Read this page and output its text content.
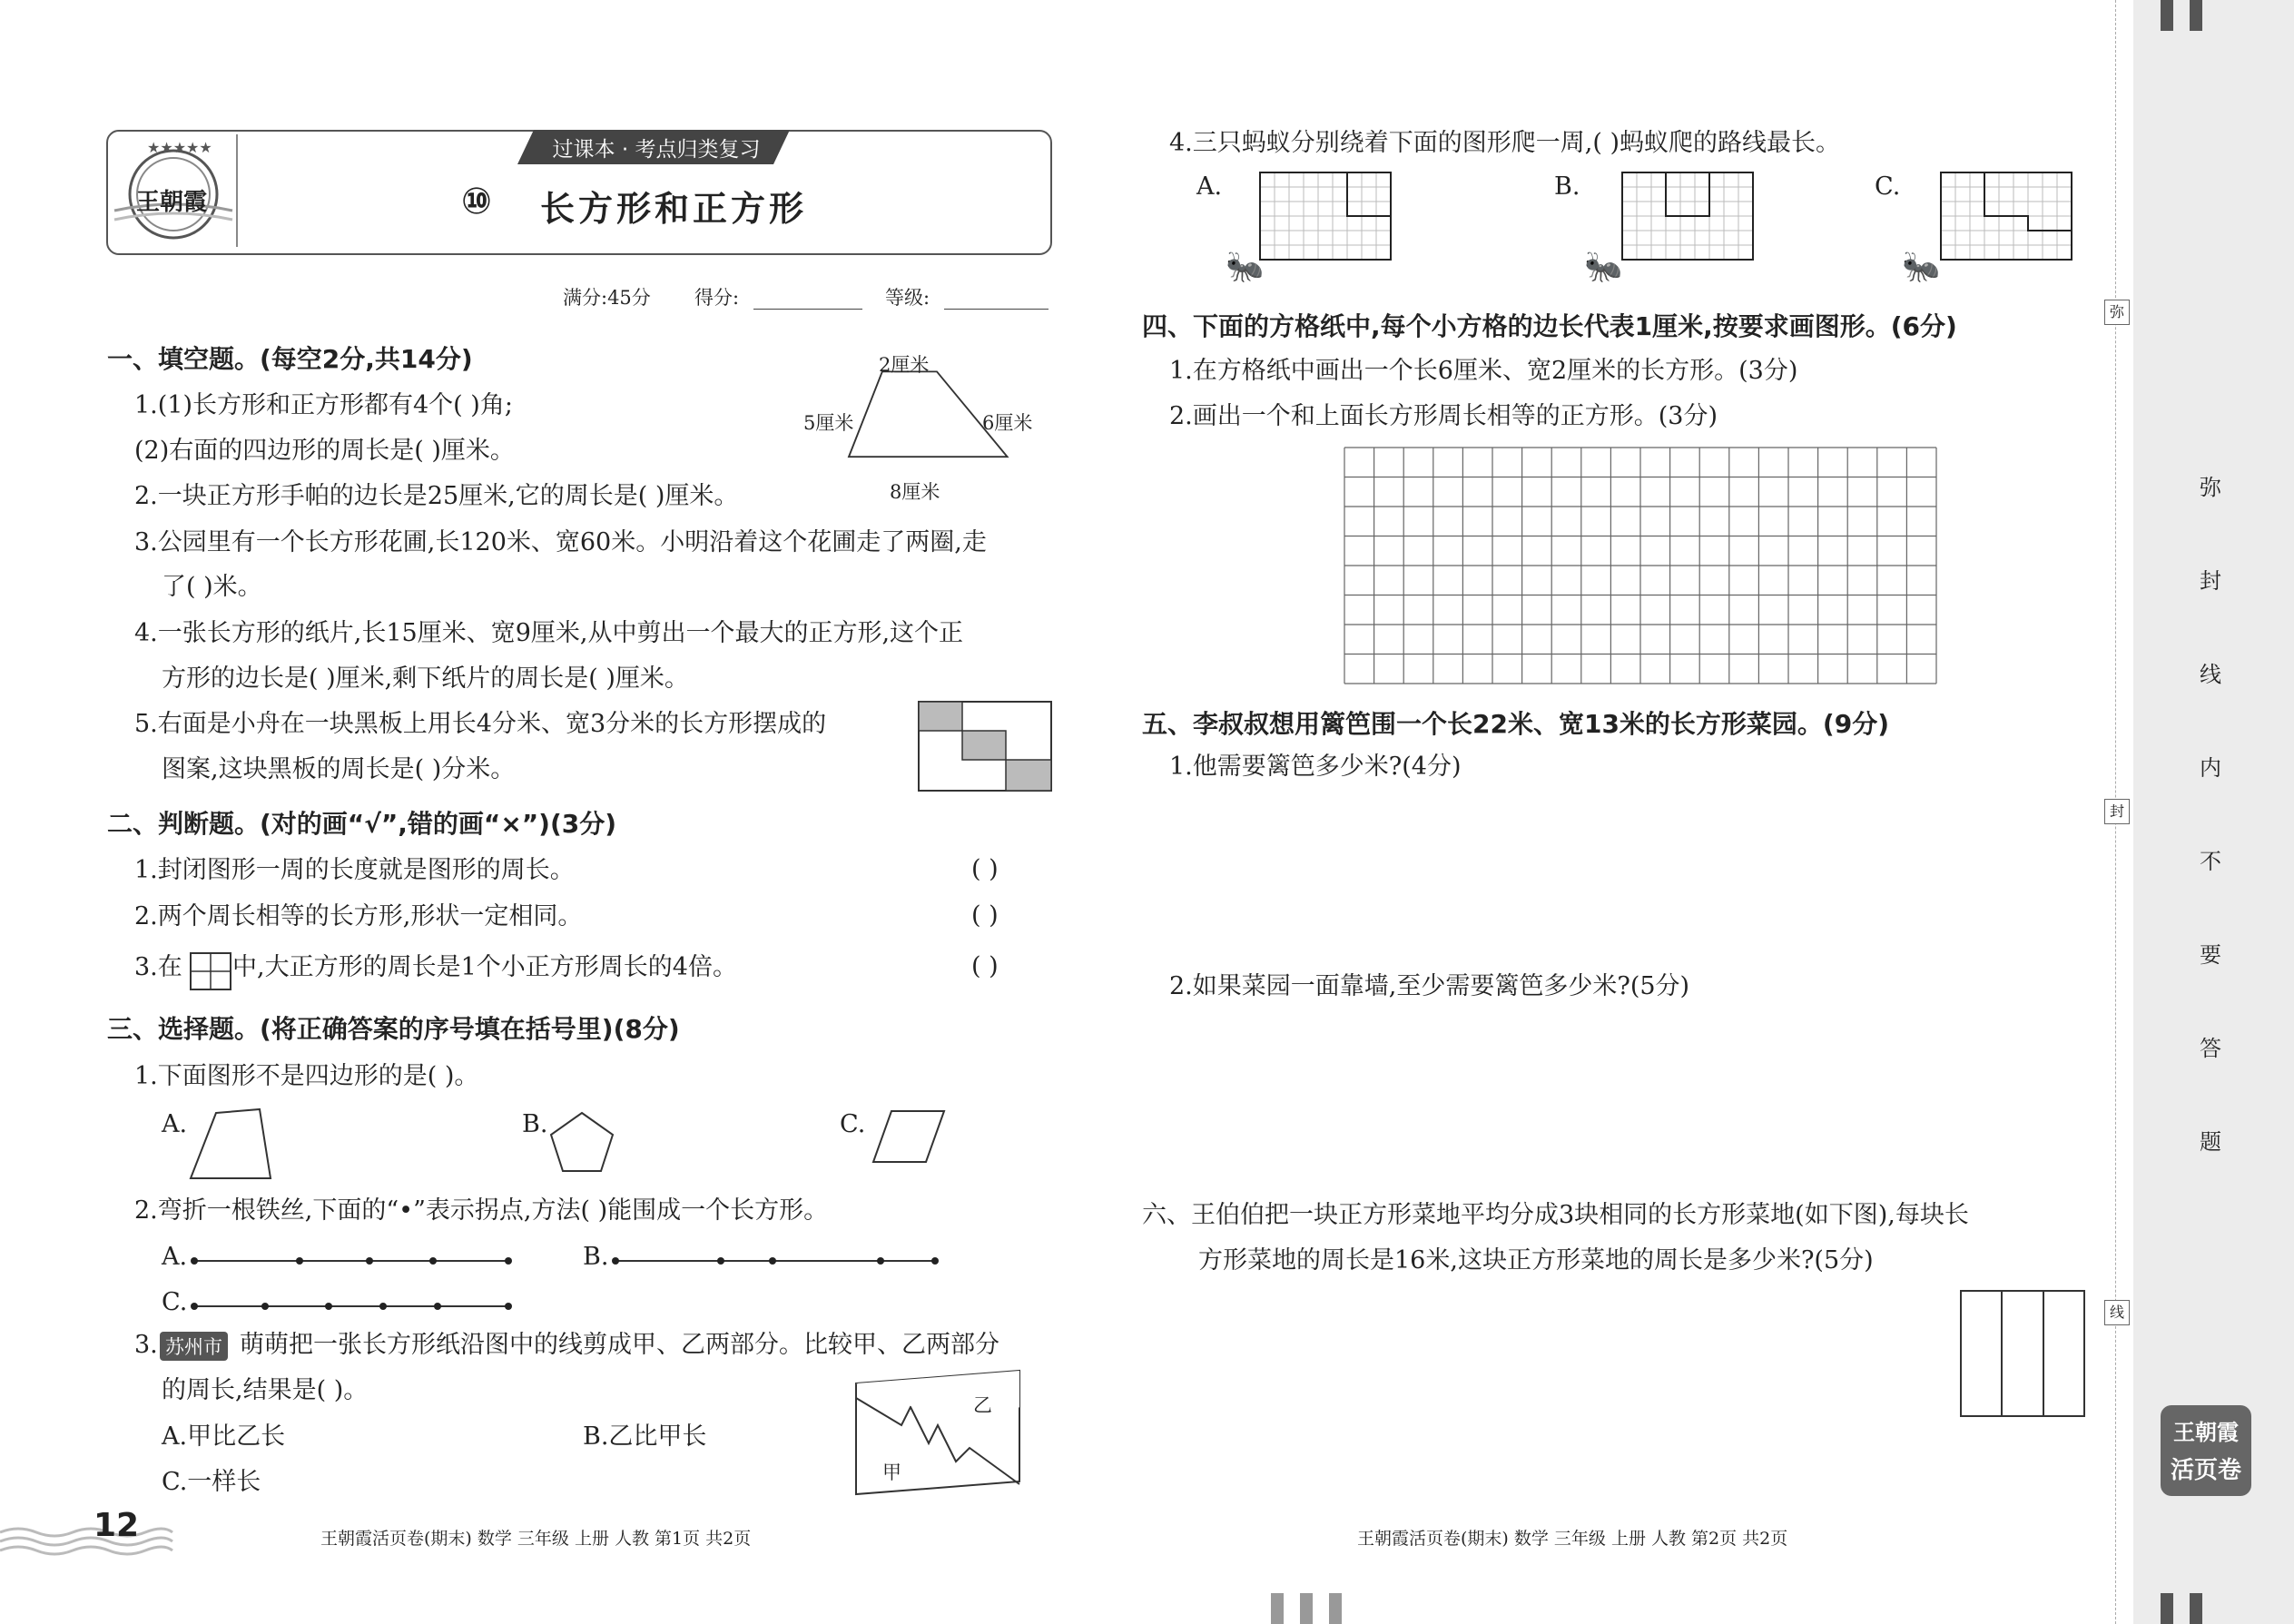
★★★★★
王朝霞
过课本 · 考点归类复习
⑩ 长方形和正方形
满分:45分 得分:	等级:
一、填空题。(每空2分,共14分)
1.(1)长方形和正方形都有4个( )角;
(2)右面的四边形的周长是( )厘米。
2.一块正方形手帕的边长是25厘米,它的周长是( )厘米。
3.公园里有一个长方形花圃,长120米、宽60米。小明沿着这个花圃走了两圈,走
了( )米。
4.一张长方形的纸片,长15厘米、宽9厘米,从中剪出一个最大的正方形,这个正
方形的边长是( )厘米,剩下纸片的周长是( )厘米。
5.右面是小舟在一块黑板上用长4分米、宽3分米的长方形摆成的
图案,这块黑板的周长是( )分米。
2厘米
5厘米	6厘米
8厘米
二、判断题。(对的画“√”,错的画“×”)(3分)
1.封闭图形一周的长度就是图形的周长。
2.两个周长相等的长方形,形状一定相同。
3.在 中,大正方形的周长是1个小正方形周长的4倍。
( )
( )
( )
三、选择题。(将正确答案的序号填在括号里)(8分)
1.下面图形不是四边形的是( )。
A.	B.	C.
2.弯折一根铁丝,下面的“•”表示拐点,方法( )能围成一个长方形。
A.	B.
C.
3. 苏州市 萌萌把一张长方形纸沿图中的线剪成甲、乙两部分。比较甲、乙两部分
的周长,结果是( )。
A.甲比乙长	B.乙比甲长
C.一样长
乙
甲
12	王朝霞活页卷(期末) 数学 三年级 上册 人教 第1页 共2页
4.三只蚂蚁分别绕着下面的图形爬一周,( )蚂蚁爬的路线最长。
A.
🐜
B.
🐜
C.
🐜
四、下面的方格纸中,每个小方格的边长代表1厘米,按要求画图形。(6分)
1.在方格纸中画出一个长6厘米、宽2厘米的长方形。(3分)
2.画出一个和上面长方形周长相等的正方形。(3分)
五、李叔叔想用篱笆围一个长22米、宽13米的长方形菜园。(9分)
1.他需要篱笆多少米?(4分)
2.如果菜园一面靠墙,至少需要篱笆多少米?(5分)
六、王伯伯把一块正方形菜地平均分成3块相同的长方形菜地(如下图),每块长
方形菜地的周长是16米,这块正方形菜地的周长是多少米?(5分)
王朝霞活页卷(期末) 数学 三年级 上册 人教 第2页 共2页
弥
封
线
弥
封
线
内
不
要
答
题
王朝霞
活页卷
